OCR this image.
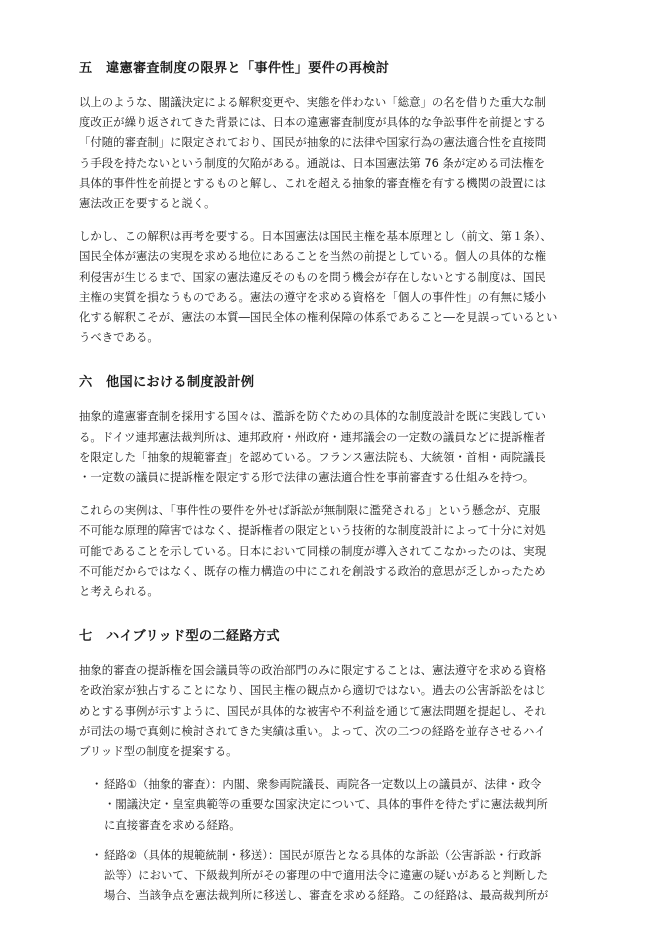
五　違憲審査制度の限界と「事件性」要件の再検討
以上のような、閣議決定による解釈変更や、実態を伴わない「総意」の名を借りた重大な制
度改正が繰り返されてきた背景には、日本の違憲審査制度が具体的な争訟事件を前提とする
「付随的審査制」に限定されており、国民が抽象的に法律や国家行為の憲法適合性を直接問
う手段を持たないという制度的欠陥がある。通説は、日本国憲法第 76 条が定める司法権を
具体的事件性を前提とするものと解し、これを超える抽象的審査権を有する機関の設置には
憲法改正を要すると説く。
しかし、この解釈は再考を要する。日本国憲法は国民主権を基本原理とし（前文、第１条）、
国民全体が憲法の実現を求める地位にあることを当然の前提としている。個人の具体的な権
利侵害が生じるまで、国家の憲法違反そのものを問う機会が存在しないとする制度は、国民
主権の実質を損なうものである。憲法の遵守を求める資格を「個人の事件性」の有無に矮小
化する解釈こそが、憲法の本質―国民全体の権利保障の体系であること―を見誤っているとい
うべきである。
六　他国における制度設計例
抽象的違憲審査制を採用する国々は、濫訴を防ぐための具体的な制度設計を既に実践してい
る。ドイツ連邦憲法裁判所は、連邦政府・州政府・連邦議会の一定数の議員などに提訴権者
を限定した「抽象的規範審査」を認めている。フランス憲法院も、大統領・首相・両院議長
・一定数の議員に提訴権を限定する形で法律の憲法適合性を事前審査する仕組みを持つ。
これらの実例は、「事件性の要件を外せば訴訟が無制限に濫発される」という懸念が、克服
不可能な原理的障害ではなく、提訴権者の限定という技術的な制度設計によって十分に対処
可能であることを示している。日本において同様の制度が導入されてこなかったのは、実現
不可能だからではなく、既存の権力構造の中にこれを創設する政治的意思が乏しかったため
と考えられる。
七　ハイブリッド型の二経路方式
抽象的審査の提訴権を国会議員等の政治部門のみに限定することは、憲法遵守を求める資格
を政治家が独占することになり、国民主権の観点から適切ではない。過去の公害訴訟をはじ
めとする事例が示すように、国民が具体的な被害や不利益を通じて憲法問題を提起し、それ
が司法の場で真剣に検討されてきた実績は重い。よって、次の二つの経路を並存させるハイ
ブリッド型の制度を提案する。
・ 経路①（抽象的審査）：内閣、衆参両院議長、両院各一定数以上の議員が、法律・政令
・閣議決定・皇室典範等の重要な国家決定について、具体的事件を待たずに憲法裁判所
に直接審査を求める経路。
・ 経路②（具体的規範統制・移送）：国民が原告となる具体的な訴訟（公害訴訟・行政訴
訟等）において、下級裁判所がその審理の中で適用法令に違憲の疑いがあると判断した
場合、当該争点を憲法裁判所に移送し、審査を求める経路。この経路は、最高裁判所が
